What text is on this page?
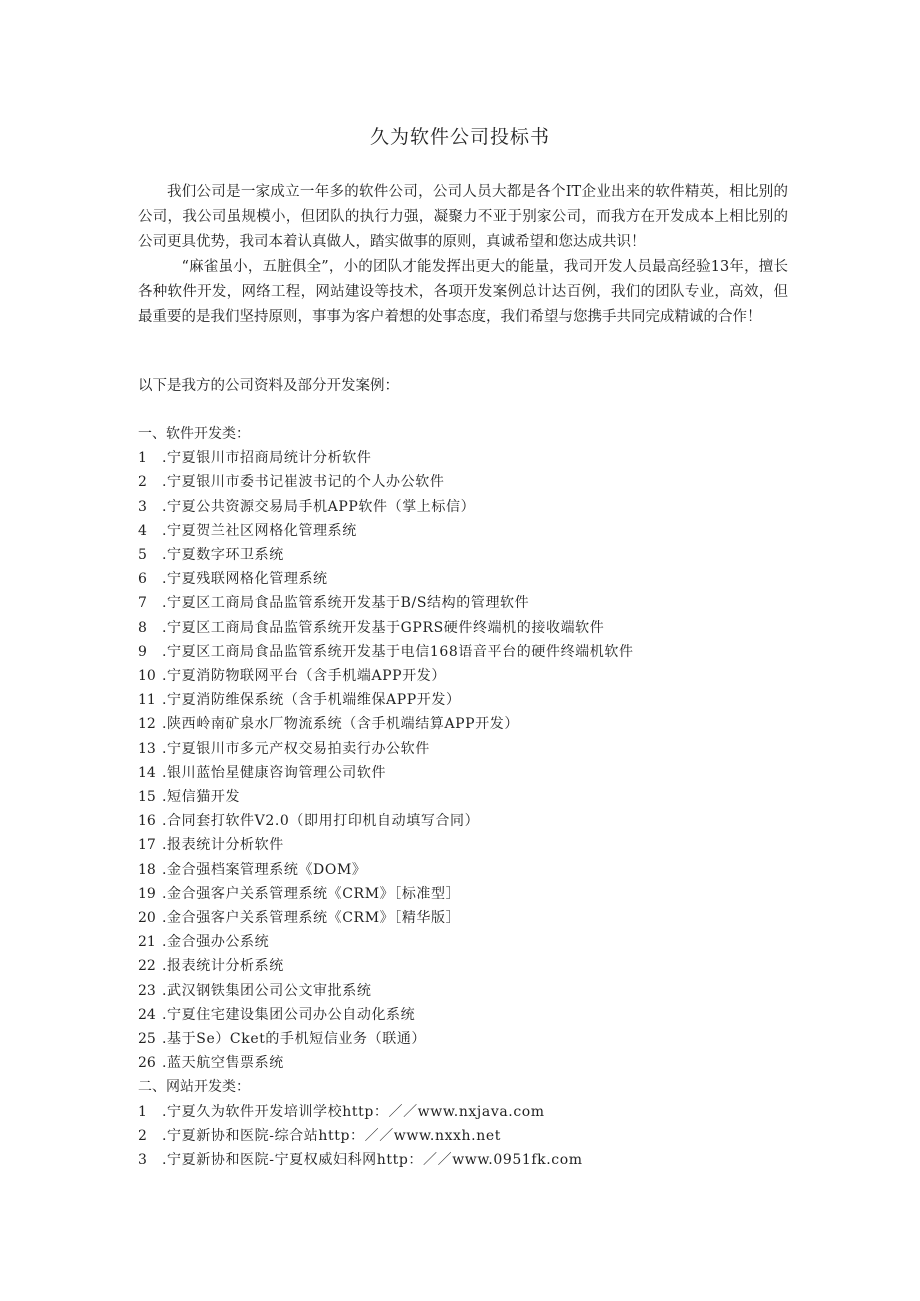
久为软件公司投标书

我们公司是一家成立一年多的软件公司，公司人员大都是各个IT企业出来的软件精英，相比别的公司，我公司虽规模小，但团队的执行力强，凝聚力不亚于别家公司，而我方在开发成本上相比别的公司更具优势，我司本着认真做人，踏实做事的原则，真诚希望和您达成共识！

“麻雀虽小，五脏俱全”，小的团队才能发挥出更大的能量，我司开发人员最高经验13年，擅长各种软件开发，网络工程，网站建设等技术，各项开发案例总计达百例，我们的团队专业，高效，但最重要的是我们坚持原则，事事为客户着想的处事态度，我们希望与您携手共同完成精诚的合作！

以下是我方的公司资料及部分开发案例：
一、软件开发类：
1	.宁夏银川市招商局统计分析软件
2	.宁夏银川市委书记崔波书记的个人办公软件
3	.宁夏公共资源交易局手机APP软件（掌上标信）
4	.宁夏贺兰社区网格化管理系统
5	.宁夏数字环卫系统
6	.宁夏残联网格化管理系统
7	.宁夏区工商局食品监管系统开发基于B/S结构的管理软件
8	.宁夏区工商局食品监管系统开发基于GPRS硬件终端机的接收端软件
9	.宁夏区工商局食品监管系统开发基于电信168语音平台的硬件终端机软件
10 .宁夏消防物联网平台（含手机端APP开发）
11 .宁夏消防维保系统（含手机端维保APP开发）
12 .陕西岭南矿泉水厂物流系统（含手机端结算APP开发）
13 .宁夏银川市多元产权交易拍卖行办公软件
14 .银川蓝怡星健康咨询管理公司软件
15 .短信猫开发
16 .合同套打软件V2.0（即用打印机自动填写合同）
17 .报表统计分析软件
18 .金合强档案管理系统《DOM》
19 .金合强客户关系管理系统《CRM》［标准型］
20 .金合强客户关系管理系统《CRM》［精华版］
21 .金合强办公系统
22 .报表统计分析系统
23 .武汉钢铁集团公司公文审批系统
24 .宁夏住宅建设集团公司办公自动化系统
25 .基于Se）Cket的手机短信业务（联通）
26 .蓝天航空售票系统
二、网站开发类：
1	.宁夏久为软件开发培训学校http：／／www.nxjava.com
2	.宁夏新协和医院-综合站http：／／www.nxxh.net
3	.宁夏新协和医院-宁夏权威妇科网http：／／www.0951fk.com
